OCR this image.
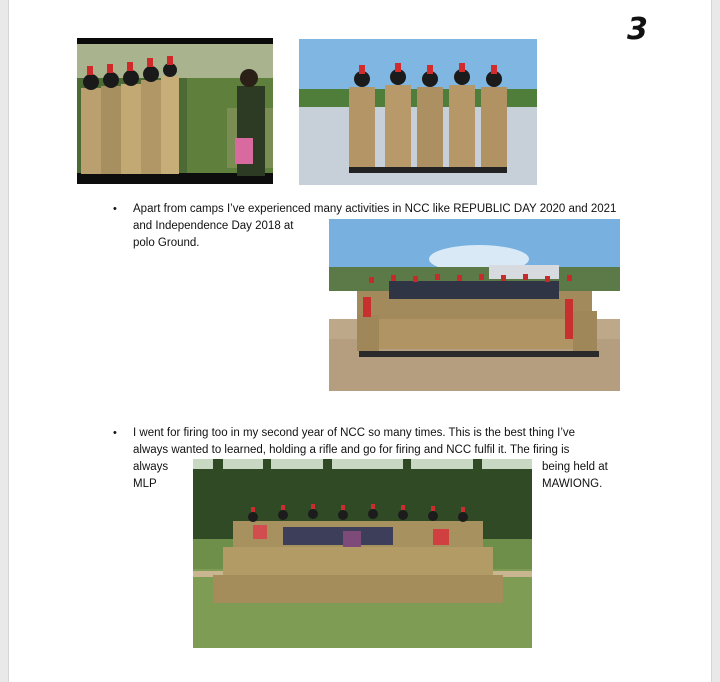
3
• Apart from camps I’ve experienced many activities in NCC like REPUBLIC DAY 2020 and 2021
and Independence Day 2018 at
polo Ground.
• I went for firing too in my second year of NCC so many times. This is the best thing I’ve
always wanted to learned, holding a rifle and go for firing and NCC fulfil it. The firing is
always
MLP
being held at
MAWIONG.
